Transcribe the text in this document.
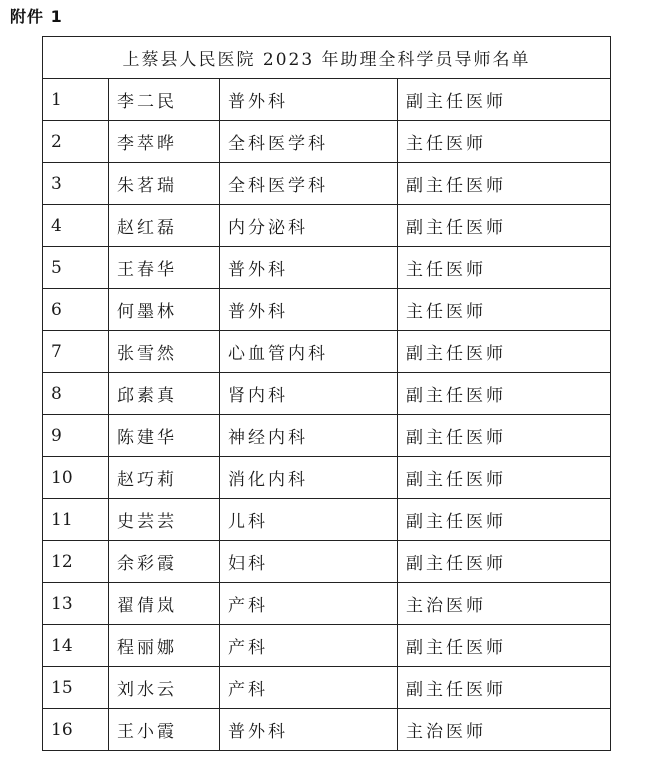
附件 1
上蔡县人民医院 2023 年助理全科学员导师名单			
1	李二民	普外科	副主任医师
2	李萃晔	全科医学科	主任医师
3	朱茗瑞	全科医学科	副主任医师
4	赵红磊	内分泌科	副主任医师
5	王春华	普外科	主任医师
6	何墨林	普外科	主任医师
7	张雪然	心血管内科	副主任医师
8	邱素真	肾内科	副主任医师
9	陈建华	神经内科	副主任医师
10	赵巧莉	消化内科	副主任医师
11	史芸芸	儿科	副主任医师
12	余彩霞	妇科	副主任医师
13	翟倩岚	产科	主治医师
14	程丽娜	产科	副主任医师
15	刘水云	产科	副主任医师
16	王小霞	普外科	主治医师
